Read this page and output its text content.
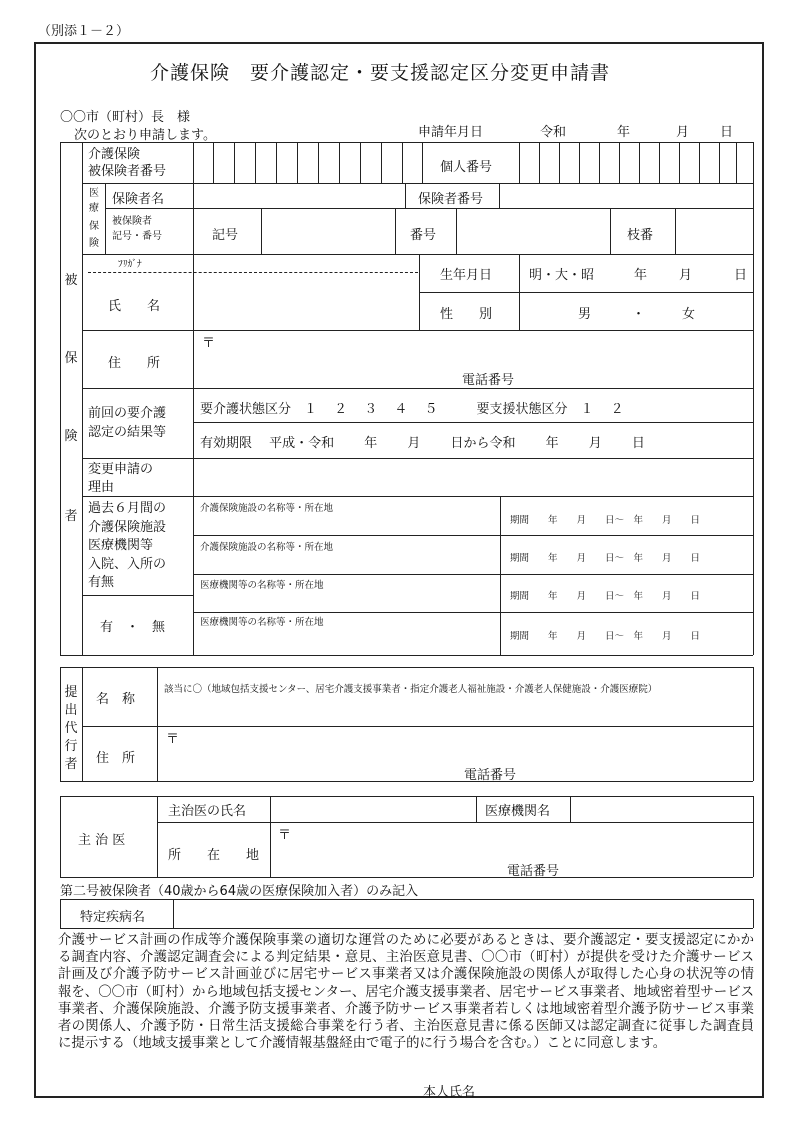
（別添１－２）
介護保険　要介護認定・要支援認定区分変更申請書
〇〇市（町村）長　様
次のとおり申請します。	申請年月日	令和	年	月 日
被
保
険
者
介護保険
被保険者番号	個人番号
医
療
保
険
保険者名	保険者番号
被保険者
記号・番号	記号	番号	枝番
ﾌﾘｶﾞﾅ
氏　　名
生年月日	明・大・昭	年 月	日
性　　別	男	・	女
住　　所
〒
電話番号
前回の要介護
認定の結果等
要介護状態区分　１　 ２ 　３　 ４　 ５　　　要支援状態区分　１　 ２
有効期限　 平成・令和　　 年　　 月　　 日から令和　　 年　　 月　　 日
変更申請の
理由
過去６月間の
介護保険施設
医療機関等
入院、入所の
有無
有　・　無
介護保険施設の名称等・所在地
期間　　年　　月　　日～　年　　月　　日
介護保険施設の名称等・所在地
期間　　年　　月　　日～　年　　月　　日
医療機関等の名称等・所在地
期間　　年　　月　　日～　年　　月　　日
医療機関等の名称等・所在地
期間　　年　　月　　日～　年　　月　　日
提
出
代
行
者
名　称
該当に〇（地域包括支援センター、居宅介護支援事業者・指定介護老人福祉施設・介護老人保健施設・介護医療院）
住　所
〒
電話番号
主 治 医
主治医の氏名	医療機関名
所　　在　　地
〒
電話番号
第二号被保険者（40歳から64歳の医療保険加入者）のみ記入
特定疾病名
介護サービス計画の作成等介護保険事業の適切な運営のために必要があるときは、要介護認定・要支援認定にかかる調査内容、介護認定調査会による判定結果・意見、主治医意見書、〇〇市（町村）が提供を受けた介護サービス計画及び介護予防サービス計画並びに居宅サービス事業者又は介護保険施設の関係人が取得した心身の状況等の情報を、〇〇市（町村）から地域包括支援センター、居宅介護支援事業者、居宅サービス事業者、地域密着型サービス事業者、介護保険施設、介護予防支援事業者、介護予防サービス事業者若しくは地域密着型介護予防サービス事業者の関係人、介護予防・日常生活支援総合事業を行う者、主治医意見書に係る医師又は認定調査に従事した調査員に提示する（地域支援事業として介護情報基盤経由で電子的に行う場合を含む。）ことに同意します。
本人氏名
